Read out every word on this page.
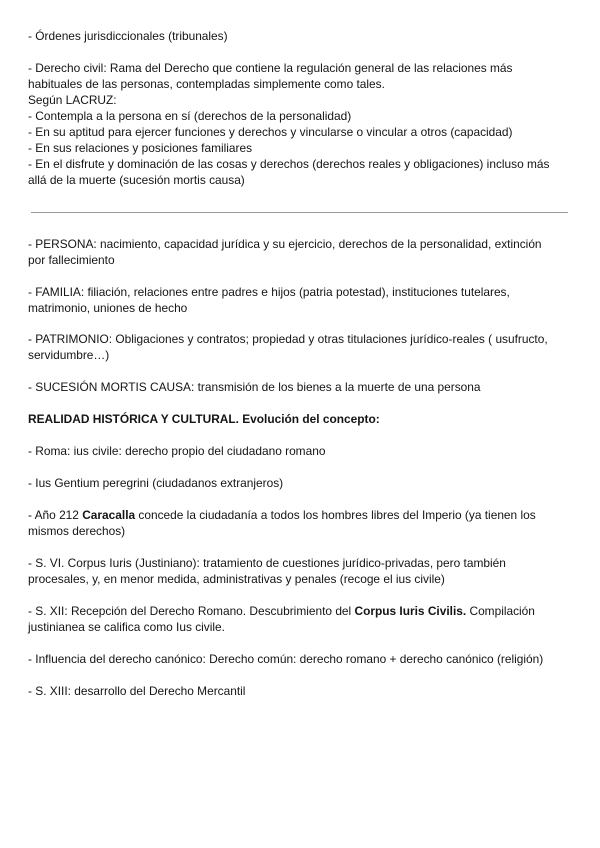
- Órdenes jurisdiccionales (tribunales)

- Derecho civil: Rama del Derecho que contiene la regulación general de las relaciones más
habituales de las personas, contempladas simplemente como tales.
Según LACRUZ:
- Contempla a la persona en sí (derechos de la personalidad)
- En su aptitud para ejercer funciones y derechos y vincularse o vincular a otros (capacidad)
- En sus relaciones y posiciones familiares
- En el disfrute y dominación de las cosas y derechos (derechos reales y obligaciones) incluso más
allá de la muerte (sucesión mortis causa)

- PERSONA: nacimiento, capacidad jurídica y su ejercicio, derechos de la personalidad, extinción
por fallecimiento

- FAMILIA: filiación, relaciones entre padres e hijos (patria potestad), instituciones tutelares,
matrimonio, uniones de hecho

- PATRIMONIO: Obligaciones y contratos; propiedad y otras titulaciones jurídico-reales ( usufructo,
servidumbre…)

- SUCESIÓN MORTIS CAUSA: transmisión de los bienes a la muerte de una persona

REALIDAD HISTÓRICA Y CULTURAL. Evolución del concepto:

- Roma: ius civile: derecho propio del ciudadano romano

- Ius Gentium peregrini (ciudadanos extranjeros)

- Año 212 Caracalla concede la ciudadanía a todos los hombres libres del Imperio (ya tienen los
mismos derechos)

- S. VI. Corpus Iuris (Justiniano): tratamiento de cuestiones jurídico-privadas, pero también
procesales, y, en menor medida, administrativas y penales (recoge el ius civile)

- S. XII: Recepción del Derecho Romano. Descubrimiento del Corpus Iuris Civilis. Compilación
justinianea se califica como Ius civile.

- Influencia del derecho canónico: Derecho común: derecho romano + derecho canónico (religión)

- S. XIII: desarrollo del Derecho Mercantil
